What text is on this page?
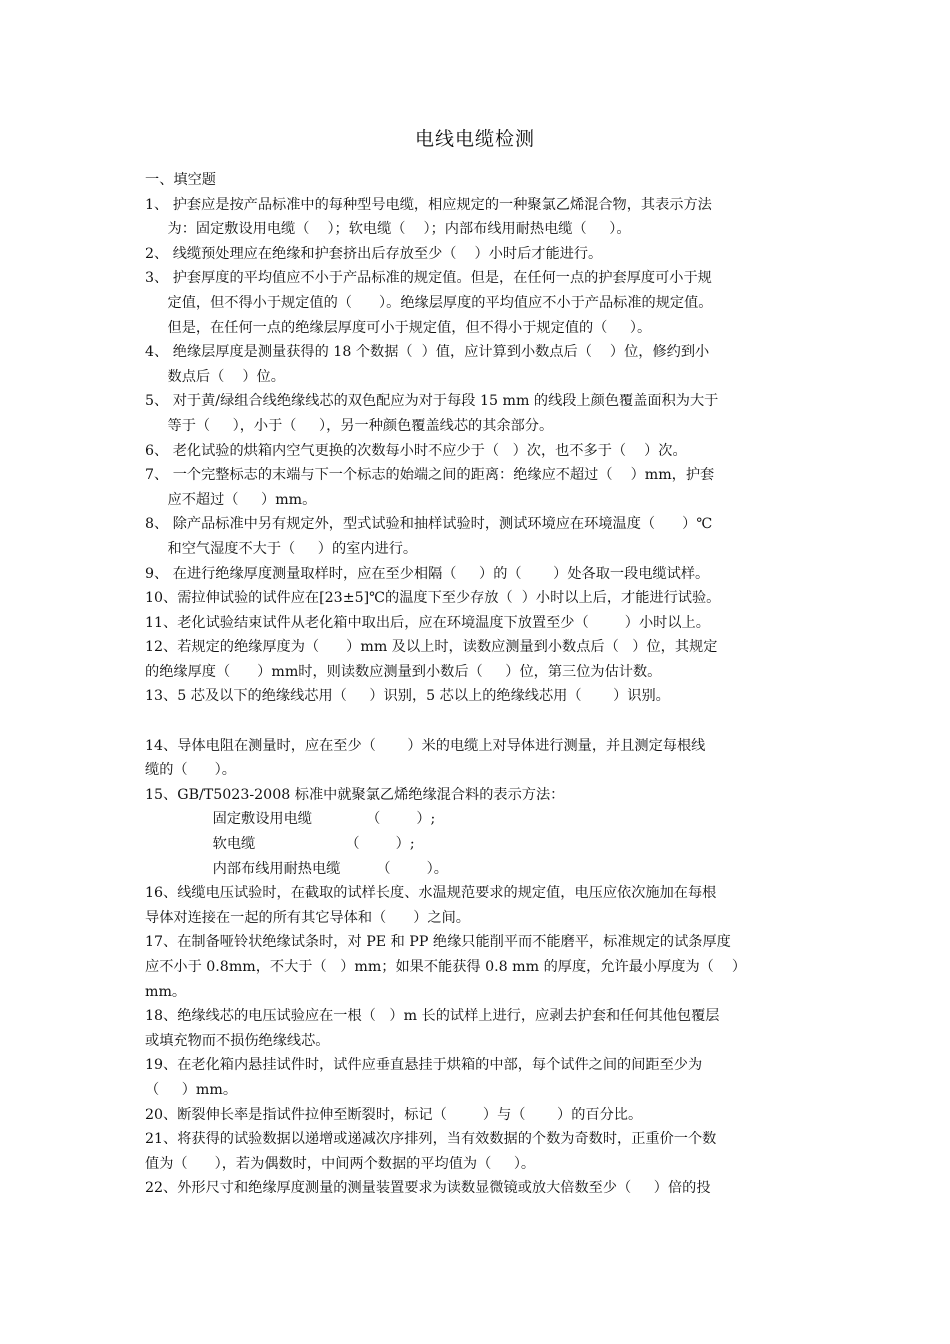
电线电缆检测
一、填空题
1、 护套应是按产品标准中的每种型号电缆，相应规定的一种聚氯乙烯混合物，其表示方法
为：固定敷设用电缆（    ）；软电缆（    ）；内部布线用耐热电缆（     ）。
2、 线缆预处理应在绝缘和护套挤出后存放至少（    ）小时后才能进行。
3、 护套厚度的平均值应不小于产品标准的规定值。但是，在任何一点的护套厚度可小于规
定值，但不得小于规定值的（      ）。绝缘层厚度的平均值应不小于产品标准的规定值。
但是，在任何一点的绝缘层厚度可小于规定值，但不得小于规定值的（     ）。
4、 绝缘层厚度是测量获得的 18 个数据（  ）值，应计算到小数点后（    ）位，修约到小
数点后（    ）位。
5、 对于黄/绿组合线绝缘线芯的双色配应为对于每段 15 mm 的线段上颜色覆盖面积为大于
等于（     ），小于（     ），另一种颜色覆盖线芯的其余部分。
6、 老化试验的烘箱内空气更换的次数每小时不应少于（   ）次，也不多于（    ）次。
7、 一个完整标志的末端与下一个标志的始端之间的距离：绝缘应不超过（    ）mm，护套
应不超过（     ）mm。
8、 除产品标准中另有规定外，型式试验和抽样试验时，测试环境应在环境温度（      ）℃
和空气湿度不大于（     ）的室内进行。
9、 在进行绝缘厚度测量取样时，应在至少相隔（     ）的（       ）处各取一段电缆试样。
10、需拉伸试验的试件应在[23±5]℃的温度下至少存放（  ）小时以上后，才能进行试验。
11、老化试验结束试件从老化箱中取出后，应在环境温度下放置至少（        ）小时以上。
12、若规定的绝缘厚度为（      ）mm 及以上时，读数应测量到小数点后（   ）位，其规定
的绝缘厚度（      ）mm时，则读数应测量到小数后（     ）位，第三位为估计数。
13、5 芯及以下的绝缘线芯用（     ）识别，5 芯以上的绝缘线芯用（       ）识别。
14、导体电阻在测量时，应在至少（       ）米的电缆上对导体进行测量，并且测定每根线
缆的（      ）。
15、GB/T5023-2008 标准中就聚氯乙烯绝缘混合料的表示方法：
固定敷设用电缆            （        ）;
软电缆                    （        ）;
内部布线用耐热电缆        （        ）。
16、线缆电压试验时，在截取的试样长度、水温规范要求的规定值，电压应依次施加在每根
导体对连接在一起的所有其它导体和（      ）之间。
17、在制备哑铃状绝缘试条时，对 PE 和 PP 绝缘只能削平而不能磨平，标准规定的试条厚度
应不小于 0.8mm，不大于（   ）mm；如果不能获得 0.8 mm 的厚度，允许最小厚度为（    ）
mm。
18、绝缘线芯的电压试验应在一根（   ）m 长的试样上进行，应剥去护套和任何其他包覆层
或填充物而不损伤绝缘线芯。
19、在老化箱内悬挂试件时，试件应垂直悬挂于烘箱的中部，每个试件之间的间距至少为
（     ）mm。
20、断裂伸长率是指试件拉伸至断裂时，标记（        ）与（       ）的百分比。
21、将获得的试验数据以递增或递减次序排列，当有效数据的个数为奇数时，正重价一个数
值为（      ），若为偶数时，中间两个数据的平均值为（     ）。
22、外形尺寸和绝缘厚度测量的测量装置要求为读数显微镜或放大倍数至少（     ）倍的投
